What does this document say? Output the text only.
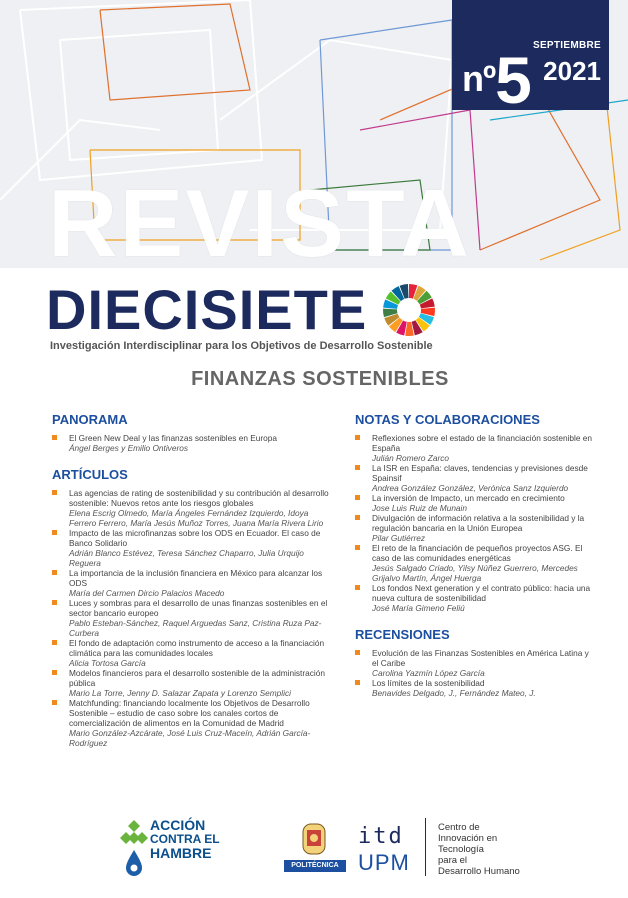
nº5 SEPTIEMBRE
2021
REVISTA
DIECISIETE
Investigación Interdisciplinar para los Objetivos de Desarrollo Sostenible
FINANZAS SOSTENIBLES
PANORAMA
El Green New Deal y las finanzas sostenibles en Europa
Ángel Berges y Emilio Ontiveros
ARTÍCULOS
Las agencias de rating de sostenibilidad y su contribución al desarrollo sostenible: Nuevos retos ante los riesgos globales
Elena Escrig Olmedo, María Ángeles Fernández Izquierdo, Idoya Ferrero Ferrero, María Jesús Muñoz Torres, Juana María Rivera Lirio
Impacto de las microfinanzas sobre los ODS en Ecuador. El caso de Banco Solidario
Adrián Blanco Estévez, Teresa Sánchez Chaparro, Julia Urquijo Reguera
La importancia de la inclusión financiera en México para alcanzar los ODS
María del Carmen Dircio Palacios Macedo
Luces y sombras para el desarrollo de unas finanzas sostenibles en el sector bancario europeo
Pablo Esteban-Sánchez, Raquel Arguedas Sanz, Cristina Ruza Paz-Curbera
El fondo de adaptación como instrumento de acceso a la financiación climática para las comunidades locales
Alicia Tortosa García
Modelos financieros para el desarrollo sostenible de la administración pública
Mario La Torre, Jenny D. Salazar Zapata y Lorenzo Semplici
Matchfunding: financiando localmente los Objetivos de Desarrollo Sostenible – estudio de caso sobre los canales cortos de comercialización de alimentos en la Comunidad de Madrid
Mario González-Azcárate, José Luis Cruz-Maceín, Adrián García-Rodríguez
NOTAS Y COLABORACIONES
Reflexiones sobre el estado de la financiación sostenible en España
Julián Romero Zarco
La ISR en España: claves, tendencias y previsiones desde Spainsif
Andrea González González, Verónica Sanz Izquierdo
La inversión de Impacto, un mercado en crecimiento
Jose Luis Ruiz de Munain
Divulgación de información relativa a la sostenibilidad y la regulación bancaria en la Unión Europea
Pilar Gutiérrez
El reto de la financiación de pequeños proyectos ASG. El caso de las comunidades energéticas
Jesús Salgado Criado, Yilsy Núñez Guerrero, Mercedes Grijalvo Martín, Ángel Huerga
Los fondos Next generation y el contrato público: hacia una nueva cultura de sostenibilidad
José María Gimeno Feliú
RECENSIONES
Evolución de las Finanzas Sostenibles en América Latina y el Caribe
Carolina Yazmín López García
Los límites de la sostenibilidad
Benavides Delgado, J., Fernández Mateo, J.
ACCIÓN
CONTRA EL
HAMBRE
POLITÉCNICA
itd
UPM
Centro de
Innovación en
Tecnología
para el
Desarrollo Humano
